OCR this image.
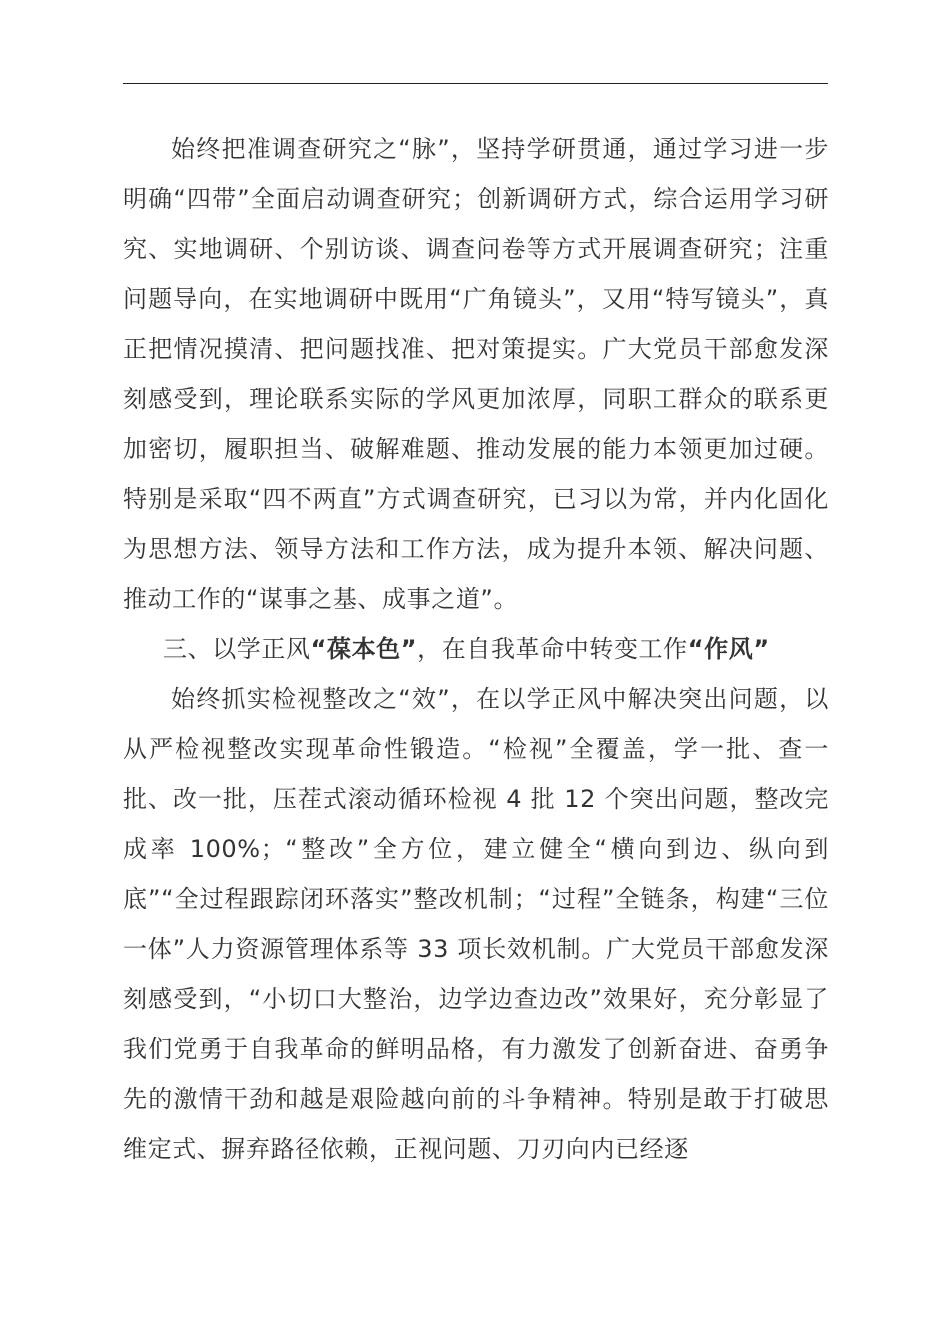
始终把准调查研究之“脉”，坚持学研贯通，通过学习进一步明确“四带”全面启动调查研究；创新调研方式，综合运用学习研究、实地调研、个别访谈、调查问卷等方式开展调查研究；注重问题导向，在实地调研中既用“广角镜头”，又用“特写镜头”，真正把情况摸清、把问题找准、把对策提实。广大党员干部愈发深刻感受到，理论联系实际的学风更加浓厚，同职工群众的联系更加密切，履职担当、破解难题、推动发展的能力本领更加过硬。特别是采取“四不两直”方式调查研究，已习以为常，并内化固化为思想方法、领导方法和工作方法，成为提升本领、解决问题、推动工作的“谋事之基、成事之道”。

三、以学正风“葆本色”，在自我革命中转变工作“作风”

始终抓实检视整改之“效”，在以学正风中解决突出问题，以从严检视整改实现革命性锻造。“检视”全覆盖，学一批、查一批、改一批，压茬式滚动循环检视 4 批 12 个突出问题，整改完成率 100%；“整改”全方位，建立健全“横向到边、纵向到底”“全过程跟踪闭环落实”整改机制；“过程”全链条，构建“三位一体”人力资源管理体系等 33 项长效机制。广大党员干部愈发深刻感受到，“小切口大整治，边学边查边改”效果好，充分彰显了我们党勇于自我革命的鲜明品格，有力激发了创新奋进、奋勇争先的激情干劲和越是艰险越向前的斗争精神。特别是敢于打破思维定式、摒弃路径依赖，正视问题、刀刃向内已经逐
